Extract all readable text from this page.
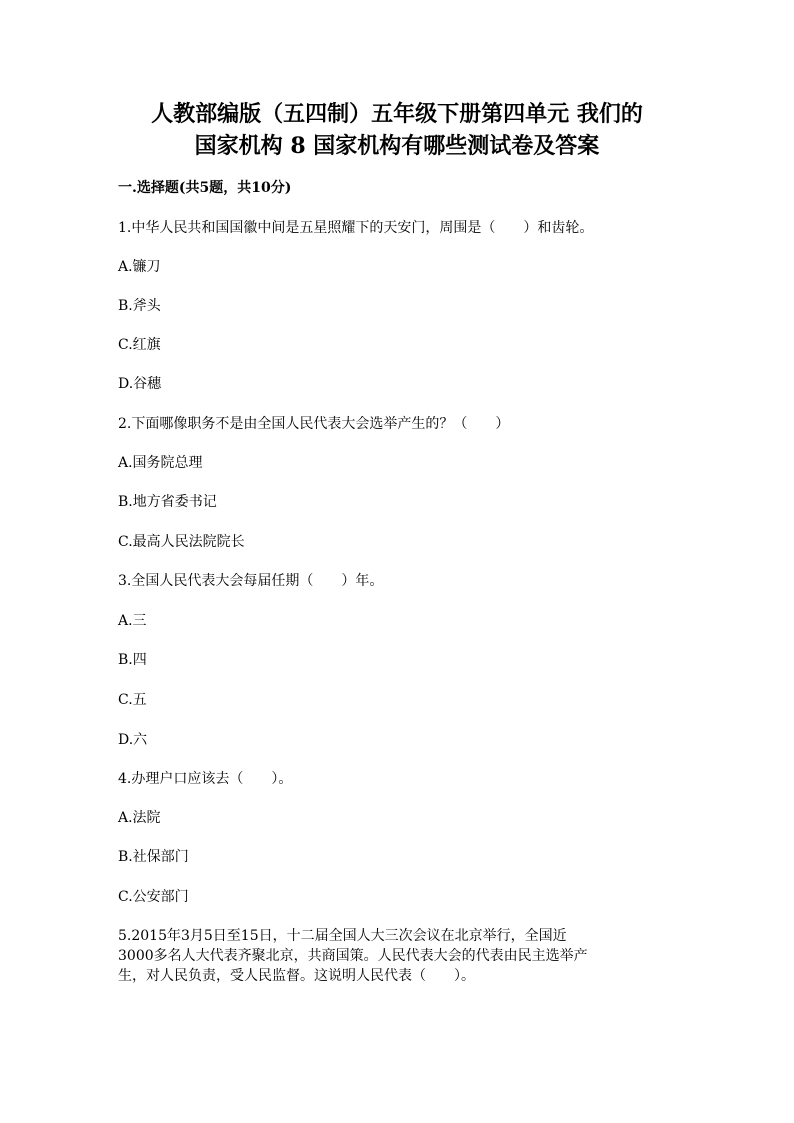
人教部编版（五四制）五年级下册第四单元 我们的
国家机构 8 国家机构有哪些测试卷及答案

一.选择题(共5题，共10分)

1.中华人民共和国国徽中间是五星照耀下的天安门，周围是（　　）和齿轮。

A.镰刀

B.斧头

C.红旗

D.谷穗

2.下面哪像职务不是由全国人民代表大会选举产生的？（　　）

A.国务院总理

B.地方省委书记

C.最高人民法院院长

3.全国人民代表大会每届任期（　　）年。

A.三

B.四

C.五

D.六

4.办理户口应该去（　　）。

A.法院

B.社保部门

C.公安部门

5.2015年3月5日至15日，十二届全国人大三次会议在北京举行，全国近

3000多名人大代表齐聚北京，共商国策。人民代表大会的代表由民主选举产

生，对人民负责，受人民监督。这说明人民代表（　　）。
